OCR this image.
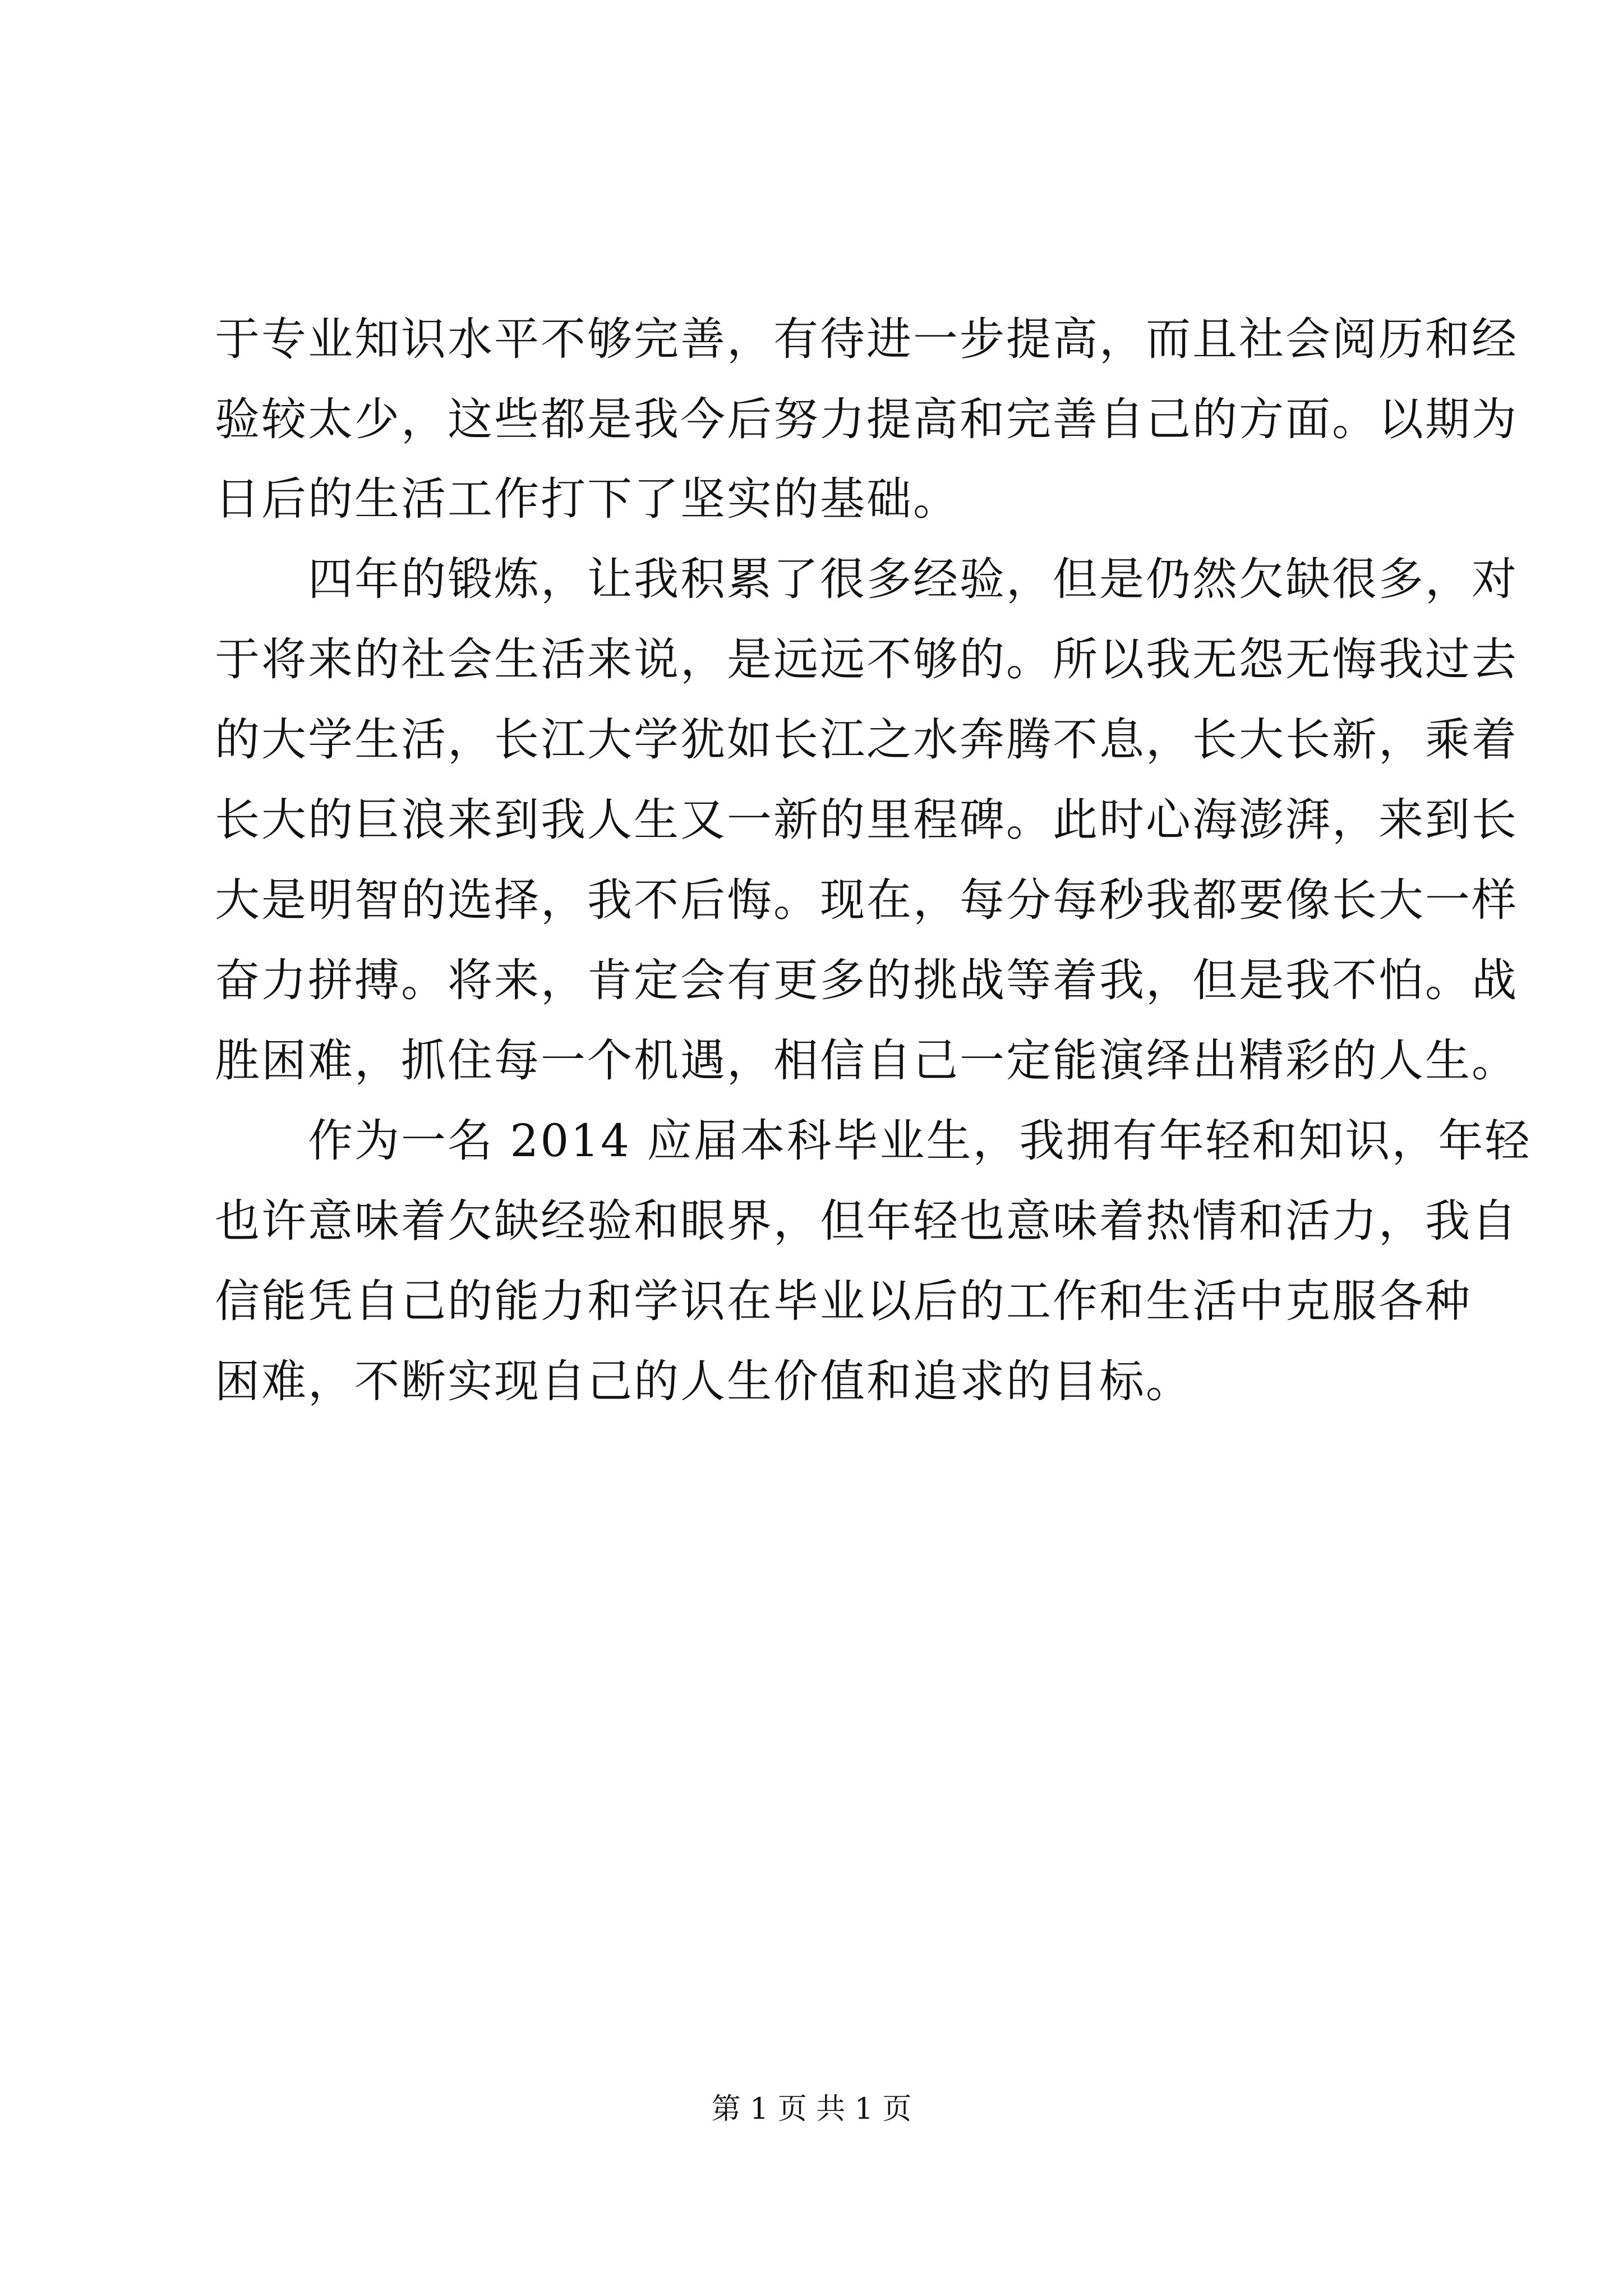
于专业知识水平不够完善，有待进一步提高，而且社会阅历和经
验较太少，这些都是我今后努力提高和完善自己的方面。以期为
日后的生活工作打下了坚实的基础。
　　四年的锻炼，让我积累了很多经验，但是仍然欠缺很多，对
于将来的社会生活来说，是远远不够的。所以我无怨无悔我过去
的大学生活，长江大学犹如长江之水奔腾不息，长大长新，乘着
长大的巨浪来到我人生又一新的里程碑。此时心海澎湃，来到长
大是明智的选择，我不后悔。现在，每分每秒我都要像长大一样
奋力拼搏。将来，肯定会有更多的挑战等着我，但是我不怕。战
胜困难，抓住每一个机遇，相信自己一定能演绎出精彩的人生。
　　作为一名 2014 应届本科毕业生，我拥有年轻和知识，年轻
也许意味着欠缺经验和眼界，但年轻也意味着热情和活力，我自
信能凭自己的能力和学识在毕业以后的工作和生活中克服各种
困难，不断实现自己的人生价值和追求的目标。
第 1 页 共 1 页
